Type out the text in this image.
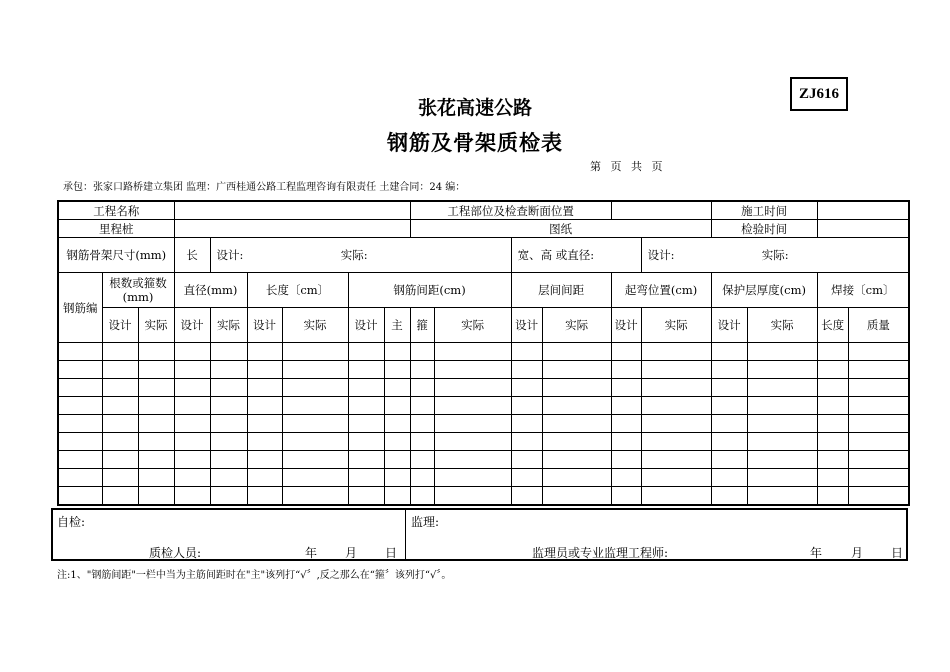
ZJ616
张花高速公路
钢筋及骨架质检表
第 页 共 页
承包：张家口路桥建立集团 监理：广西桂通公路工程监理咨询有限责任 土建合同：24 编：
工程名称									工程部位及检查断面位置						施工时间			
里程桩									图纸						检验时间			
钢筋骨架尺寸(mm)			长	设计: 实际:							宽、高 或直径:			设计: 实际:				
钢筋编	根数或箍数(mm)		直径(mm)		长度〔cm〕		钢筋间距(cm)				层间间距		起弯位置(cm)		保护层厚度(cm)		焊接〔cm〕	
	设计	实际	设计	实际	设计	实际	设计	主	箍	实际	设计	实际	设计	实际	设计	实际	长度	质量

自检:
质检人员:	年 月 日
监理:
监理员或专业监理工程师:	年 月 日
注:1、"钢筋间距"一栏中当为主筋间距时在"主"该列打“√〞,反之那么在“箍〞该列打“√〞。
